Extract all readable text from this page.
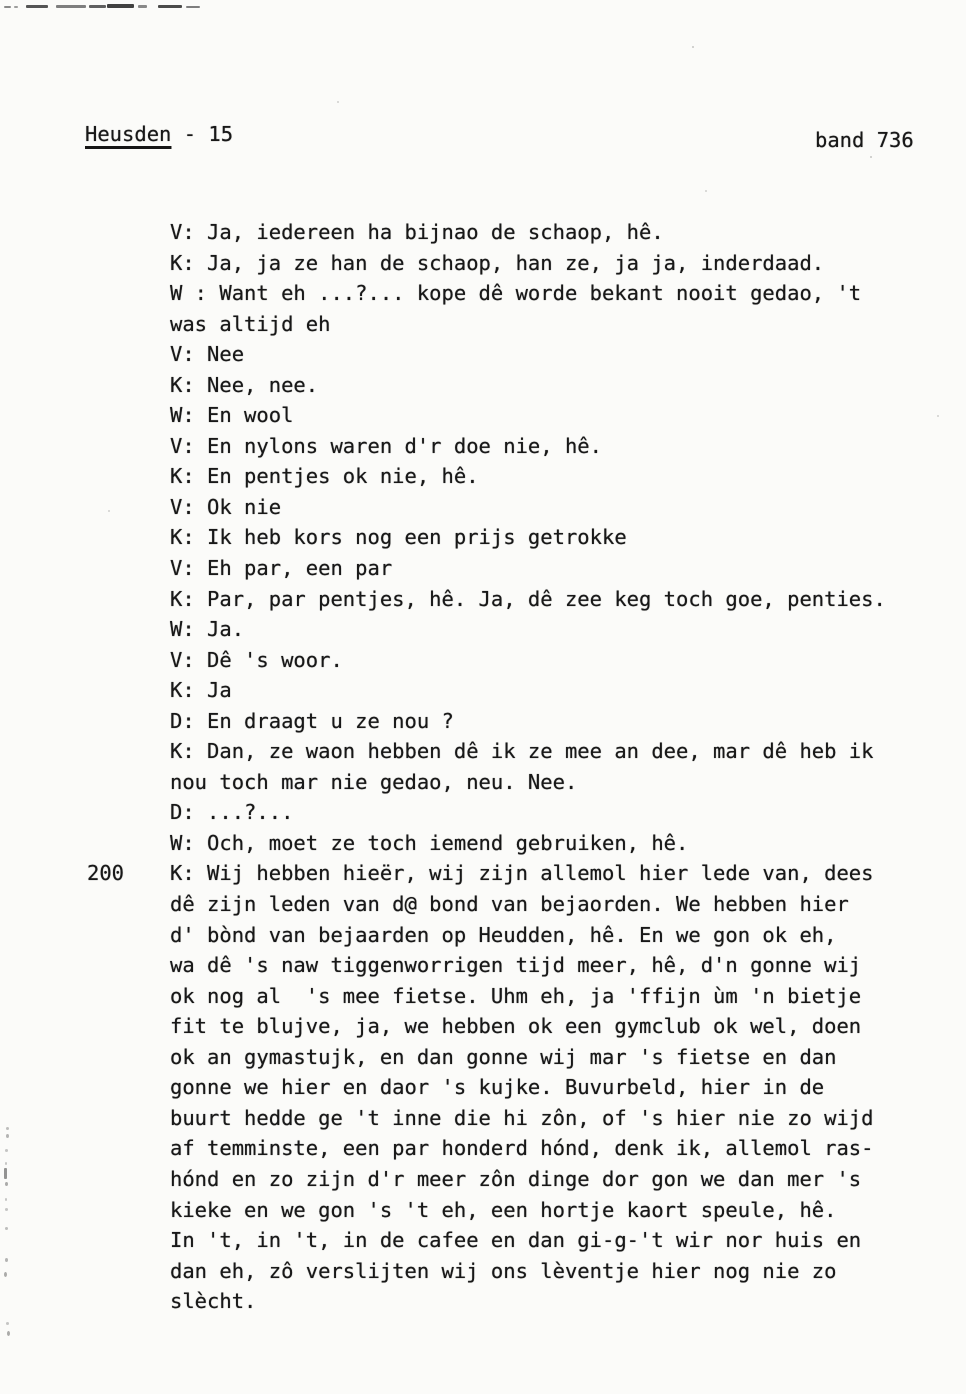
Heusden - 15	band 736
200
V: Ja, iedereen ha bijnao de schaop, hê.
K: Ja, ja ze han de schaop, han ze, ja ja, inderdaad.
W : Want eh ...?... kope dê worde bekant nooit gedao, 't
was altijd eh
V: Nee
K: Nee, nee.
W: En wool
V: En nylons waren d'r doe nie, hê.
K: En pentjes ok nie, hê.
V: Ok nie
K: Ik heb kors nog een prijs getrokke
V: Eh par, een par
K: Par, par pentjes, hê. Ja, dê zee keg toch goe, penties.
W: Ja.
V: Dê 's woor.
K: Ja
D: En draagt u ze nou ?
K: Dan, ze waon hebben dê ik ze mee an dee, mar dê heb ik
nou toch mar nie gedao, neu. Nee.
D: ...?...
W: Och, moet ze toch iemend gebruiken, hê.
K: Wij hebben hieër, wij zijn allemol hier lede van, dees
dê zijn leden van d@ bond van bejaorden. We hebben hier
d' bònd van bejaarden op Heudden, hê. En we gon ok eh,
wa dê 's naw tiggenworrigen tijd meer, hê, d'n gonne wij
ok nog al  's mee fietse. Uhm eh, ja 'ffijn ùm 'n bietje
fit te blujve, ja, we hebben ok een gymclub ok wel, doen
ok an gymastujk, en dan gonne wij mar 's fietse en dan
gonne we hier en daor 's kujke. Buvurbeld, hier in de
buurt hedde ge 't inne die hi zôn, of 's hier nie zo wijd
af temminste, een par honderd hónd, denk ik, allemol ras-
hónd en zo zijn d'r meer zôn dinge dor gon we dan mer 's
kieke en we gon 's 't eh, een hortje kaort speule, hê.
In 't, in 't, in de cafee en dan gi-g-'t wir nor huis en
dan eh, zô verslijten wij ons lèventje hier nog nie zo
slècht.
